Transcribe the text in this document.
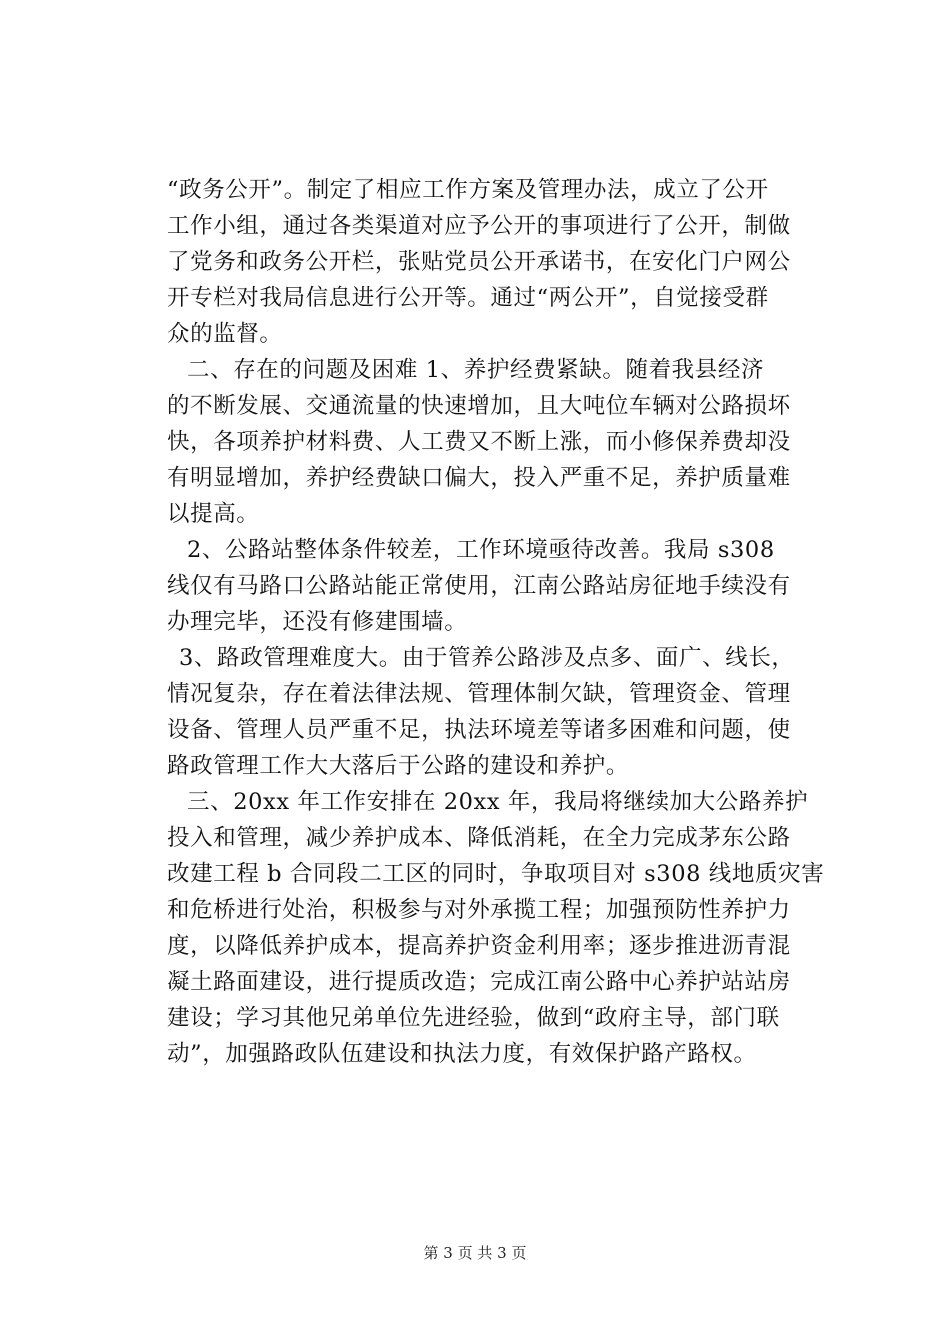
“政务公开”。制定了相应工作方案及管理办法，成立了公开
工作小组，通过各类渠道对应予公开的事项进行了公开，制做
了党务和政务公开栏，张贴党员公开承诺书，在安化门户网公
开专栏对我局信息进行公开等。通过“两公开”，自觉接受群
众的监督。
二、存在的问题及困难 1、养护经费紧缺。随着我县经济
的不断发展、交通流量的快速增加，且大吨位车辆对公路损坏
快，各项养护材料费、人工费又不断上涨，而小修保养费却没
有明显增加，养护经费缺口偏大，投入严重不足，养护质量难
以提高。
2、公路站整体条件较差，工作环境亟待改善。我局 s308
线仅有马路口公路站能正常使用，江南公路站房征地手续没有
办理完毕，还没有修建围墙。
3、路政管理难度大。由于管养公路涉及点多、面广、线长，
情况复杂，存在着法律法规、管理体制欠缺，管理资金、管理
设备、管理人员严重不足，执法环境差等诸多困难和问题，使
路政管理工作大大落后于公路的建设和养护。
三、20xx 年工作安排在 20xx 年，我局将继续加大公路养护
投入和管理，减少养护成本、降低消耗，在全力完成茅东公路
改建工程 b 合同段二工区的同时，争取项目对 s308 线地质灾害
和危桥进行处治，积极参与对外承揽工程；加强预防性养护力
度，以降低养护成本，提高养护资金利用率；逐步推进沥青混
凝土路面建设，进行提质改造；完成江南公路中心养护站站房
建设；学习其他兄弟单位先进经验，做到“政府主导，部门联
动”，加强路政队伍建设和执法力度，有效保护路产路权。
第 3 页 共 3 页
